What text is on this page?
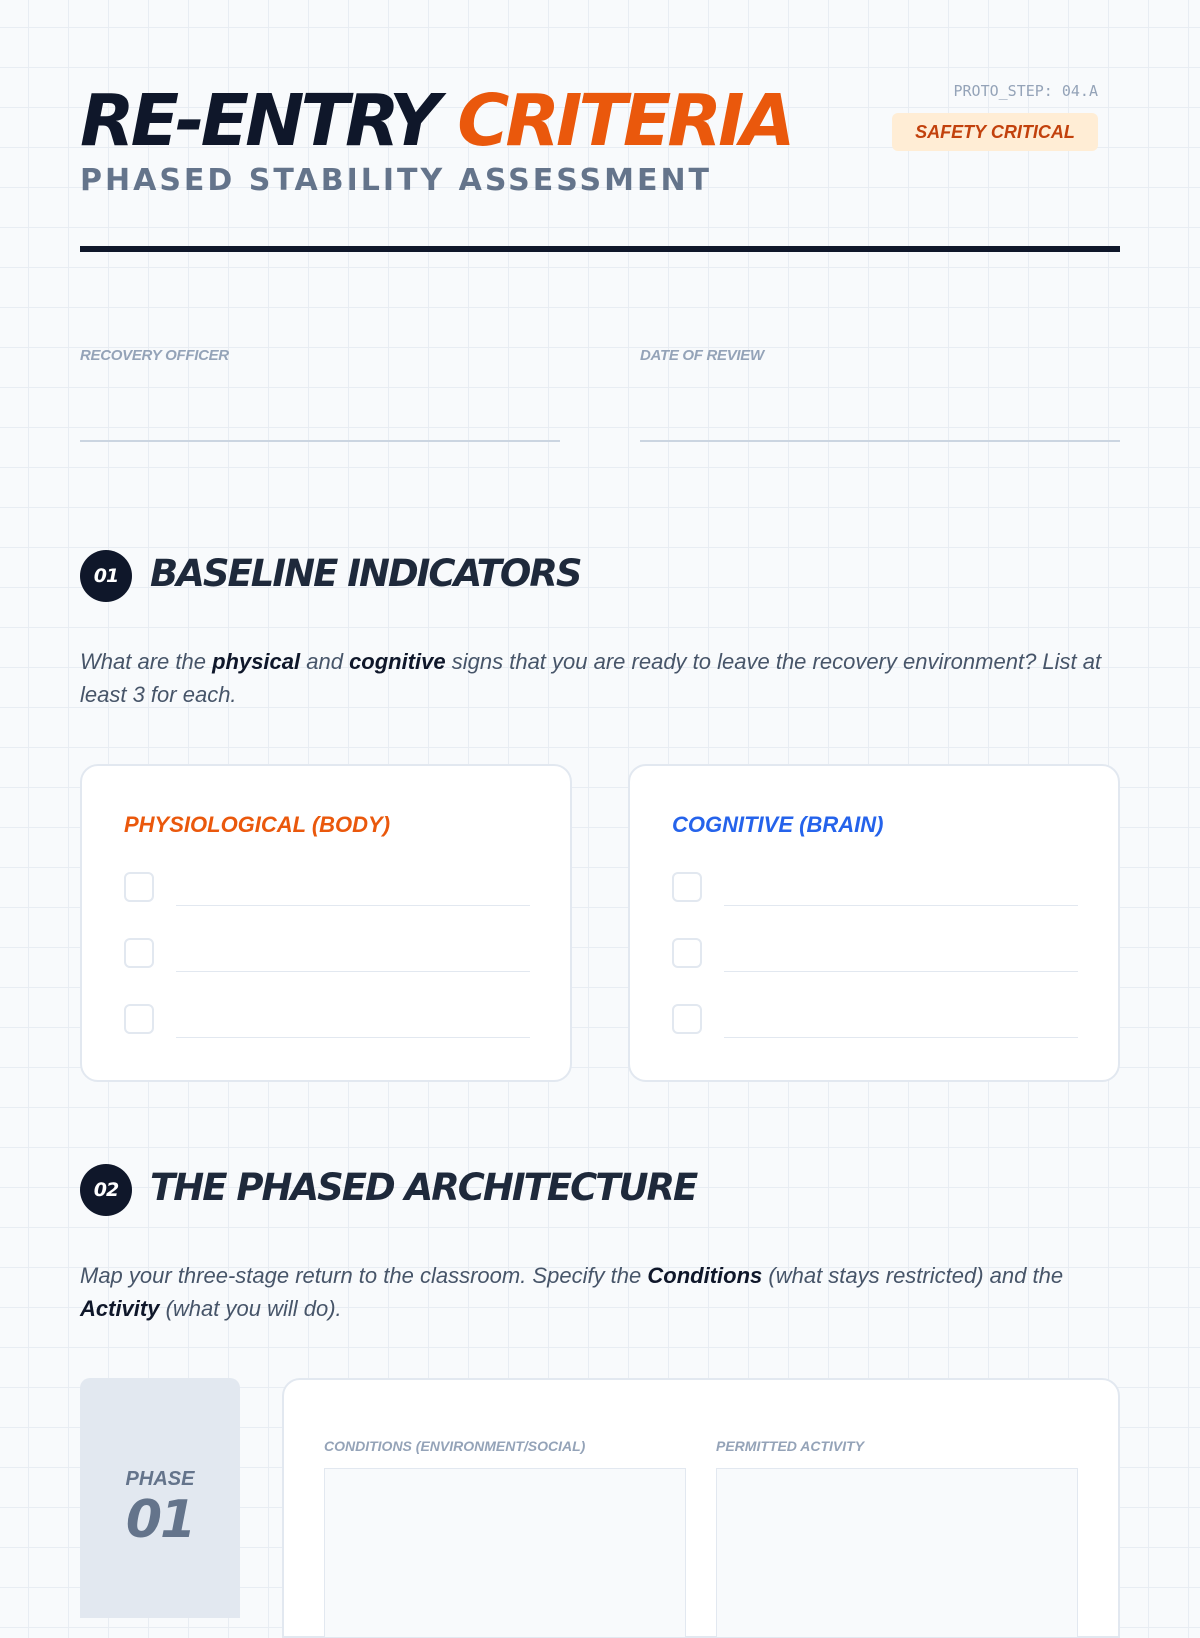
RE-ENTRY CRITERIA
PHASED STABILITY ASSESSMENT
PROTO_STEP: 04.A
SAFETY CRITICAL
RECOVERY OFFICER	DATE OF REVIEW
01 BASELINE INDICATORS
What are the physical and cognitive signs that you are ready to leave the recovery environment? List at least 3 for each.
PHYSIOLOGICAL (BODY)	COGNITIVE (BRAIN)
02 THE PHASED ARCHITECTURE
Map your three-stage return to the classroom. Specify the Conditions (what stays restricted) and the Activity (what you will do).
PHASE
01
CONDITIONS (ENVIRONMENT/SOCIAL)	PERMITTED ACTIVITY
